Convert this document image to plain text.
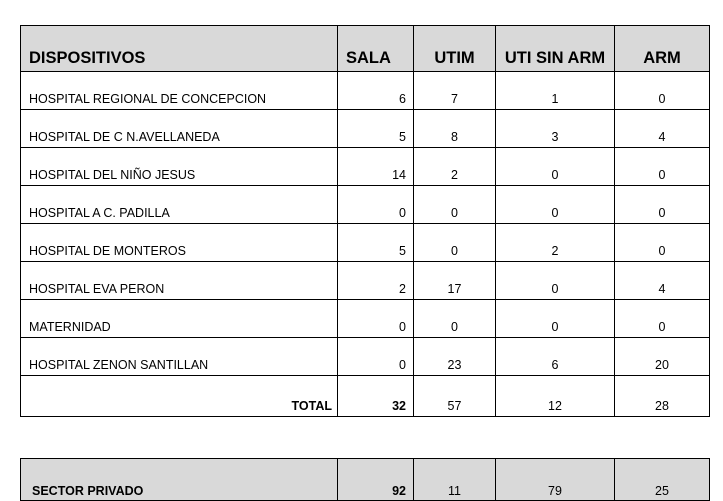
DISPOSITIVOS	SALA	UTIM	UTI SIN ARM	ARM
HOSPITAL REGIONAL DE CONCEPCION	6	7	1	0
HOSPITAL DE C N.AVELLANEDA	5	8	3	4
HOSPITAL DEL NIÑO JESUS	14	2	0	0
HOSPITAL A C. PADILLA	0	0	0	0
HOSPITAL DE MONTEROS	5	0	2	0
HOSPITAL EVA PERON	2	17	0	4
MATERNIDAD	0	0	0	0
HOSPITAL ZENON SANTILLAN	0	23	6	20
TOTAL	32	57	12	28
SECTOR PRIVADO	92	11	79	25
